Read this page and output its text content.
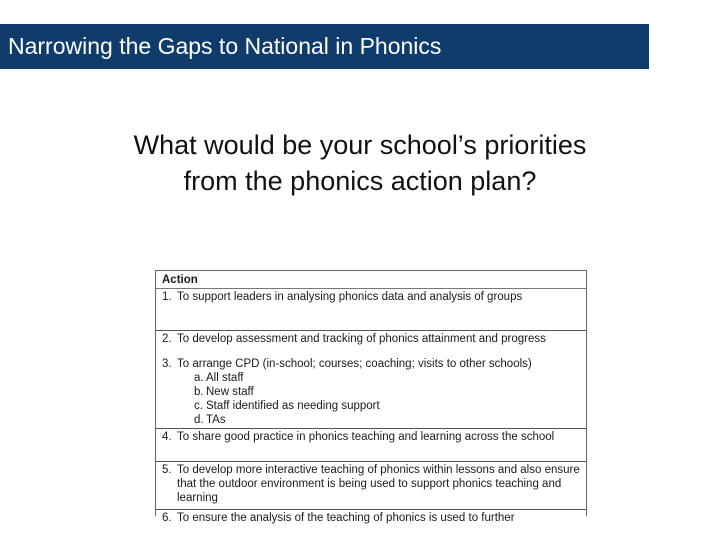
Narrowing the Gaps to National in Phonics
What would be your school’s priorities
from the phonics action plan?
Action
1. To support leaders in analysing phonics data and analysis of groups
2. To develop assessment and tracking of phonics attainment and progress
3. To arrange CPD (in-school; courses; coaching; visits to other schools)
a. All staff
b. New staff
c. Staff identified as needing support
d. TAs
4. To share good practice in phonics teaching and learning across the school
5. To develop more interactive teaching of phonics within lessons and also ensure that the outdoor environment is being used to support phonics teaching and learning
6. To ensure the analysis of the teaching of phonics is used to further
